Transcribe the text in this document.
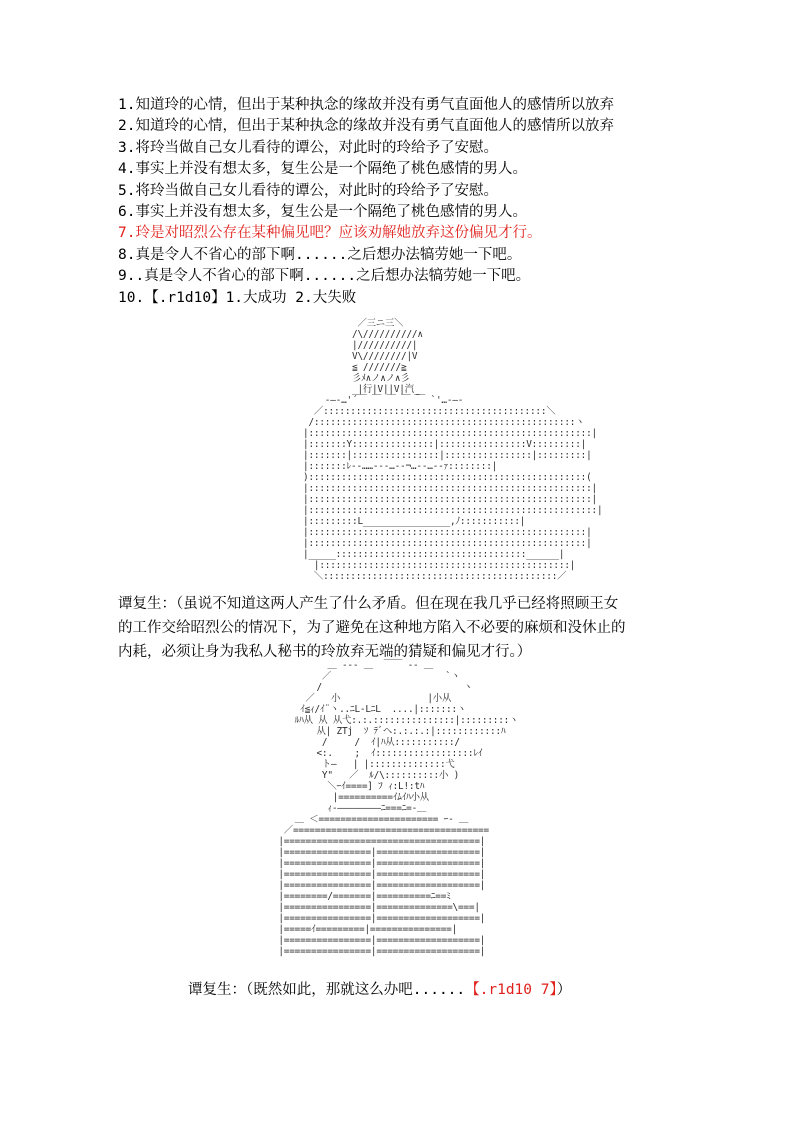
1.知道玲的心情，但出于某种执念的缘故并没有勇气直面他人的感情所以放弃
2.知道玲的心情，但出于某种执念的缘故并没有勇气直面他人的感情所以放弃
3.将玲当做自己女儿看待的谭公，对此时的玲给予了安慰。
4.事实上并没有想太多，复生公是一个隔绝了桃色感情的男人。
5.将玲当做自己女儿看待的谭公，对此时的玲给予了安慰。
6.事实上并没有想太多，复生公是一个隔绝了桃色感情的男人。
7.玲是对昭烈公存在某种偏见吧？应该劝解她放弃这份偏见才行。
8.真是令人不省心的部下啊......之后想办法犒劳她一下吧。
9..真是令人不省心的部下啊......之后想办法犒劳她一下吧。
10.【.r1d10】1.大成功 2.大失败
／三ニ三＼
/\//////////∧
|//////////|
V\////////|V
≦ ///////≧
彡ﾒ∧ノ∧ノ∧彡
_|行|V||V|汽_
-―‐…'´￣ ￣ ￣ ￣ ￣ `'…‐―-
／:::::::::::::::::::::::::::::::::::::::::＼
/::::::::::::::::::::::::::::::::::::::::::::::::ヽ
|::::::::::::::::::::::::::::::::::::::::::::::::::::|
|:::::::Y:::::::::::::::|::::::::::::::::V:::::::::|
|:::::::|::::::::::::::::|::::::::::::::::|:::::::::|
|:::::::ﾚ‐-……‐-‐…‐-¬…-‐…‐-ｧ::::::::|
):::::::::::::::::::::::::::::::::::::::::::::::::::(
|::::::::::::::::::::::::::::::::::::::::::::::::::::|
|::::::::::::::::::::::::::::::::::::::::::::::::::::|
|:::::::::::::::::::::::::::::::::::::::::::::::::::::|
|:::::::::L________________,ﾉ:::::::::::|
|:::::::::::::::::::::::::::::::::::::::::::::::::::|
|:::::::::::::::::::::::::::::::::::::::::::::::::::|
|_____:::::::::::::::::::::::::::::::::::______|
|::::::::::::::::::::::::::::::::::::::::::::::|
＼:::::::::::::::::::::::::::::::::::::::::::／
谭复生：（虽说不知道这两人产生了什么矛盾。但在现在我几乎已经将照顾王女
的工作交给昭烈公的情况下，为了避免在这种地方陷入不必要的麻烦和没休止的
内耗，必须让身为我私人秘书的玲放弃无端的猜疑和偏见才行。）
＿ -‐- ＿  ￣￣ ‐- ＿
／                     `ヽ
/                          ヽ
／   小                |小从
ｲ≦ｨ/ｲ¨ヽ..ﾆL‐LﾆL  ....|:::::::ヽ
ﾙﾊ从 从 从弋:.:.:::::::::::::::|:::::::::ヽ
从| ZTj  ｿ ﾃﾞヘ:.:.:.:|::::::::::::ﾊ
/     /  ｲ|ﾊ从:::::::::::/
<:.    ;  ｲ::::::::::::::::::ﾚｲ
ト―   | |::::::::::::::弋
Y"   ／  ﾙ/\::::::::::小 )
＼ｰｲ====] ﾌ ｨ:L!:tﾊ
|==========ｲﾑｲﾊ小从
ｨ-――――――――ﾆ===ﾆ=-＿
＿ ＜====================== ｰ- ＿
／====================================
|====================================|
|================|===================|
|================|===================|
|================|===================|
|================|===================|
|========/=======|==========ﾆ==ﾐ
|================|==============\===|
|================|===================|
|=====ｲ=========|===============|
|================|===================|
|================|===================|
谭复生：（既然如此，那就这么办吧......【.r1d10 7】）
